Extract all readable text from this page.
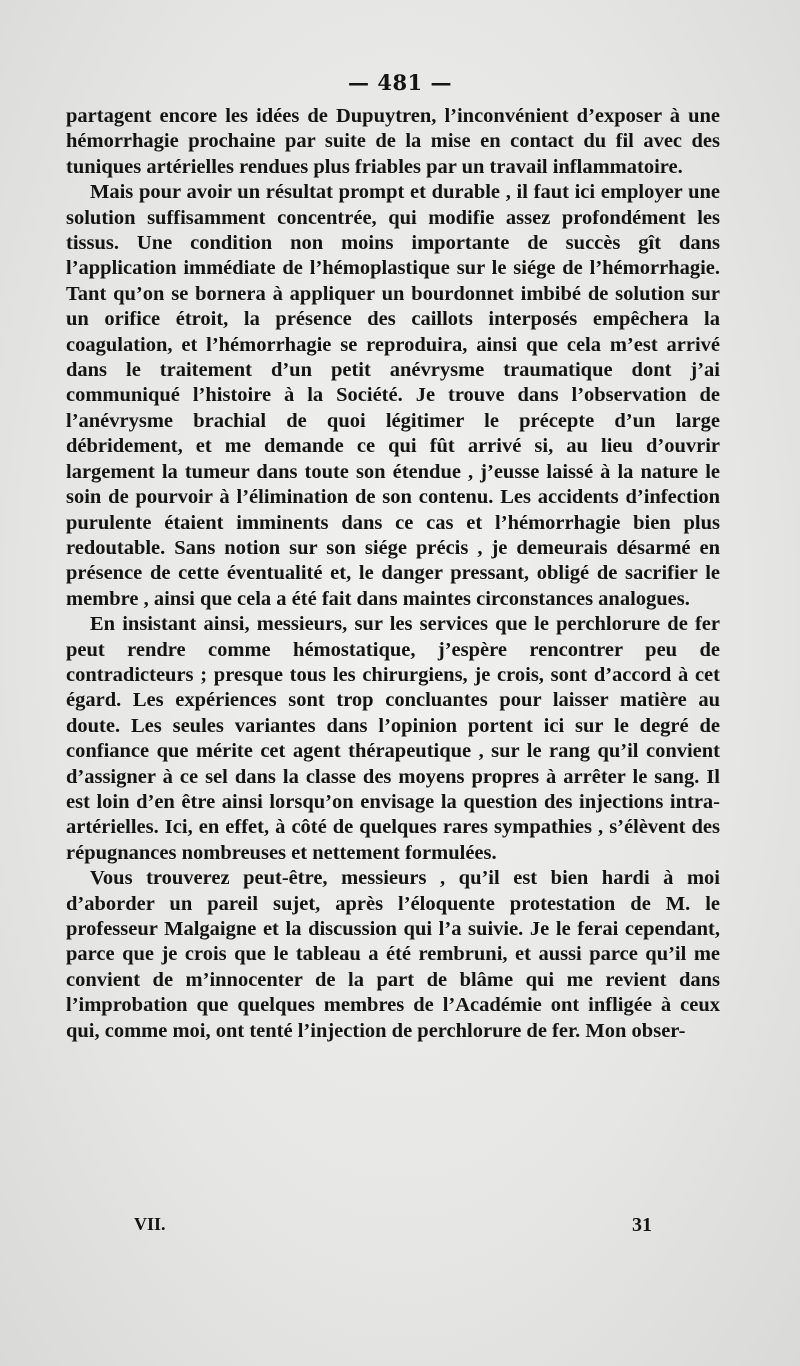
— 481 —

partagent encore les idées de Dupuytren, l’inconvénient d’exposer à une hémorrhagie prochaine par suite de la mise en contact du fil avec des tuniques artérielles rendues plus friables par un travail inflammatoire.

Mais pour avoir un résultat prompt et durable , il faut ici employer une solution suffisamment concentrée, qui modifie assez profondément les tissus. Une condition non moins importante de succès gît dans l’application immédiate de l’hémoplastique sur le siége de l’hémorrhagie. Tant qu’on se bornera à appliquer un bourdonnet imbibé de solution sur un orifice étroit, la présence des caillots interposés empêchera la coagulation, et l’hémorrhagie se reproduira, ainsi que cela m’est arrivé dans le traitement d’un petit anévrysme traumatique dont j’ai communiqué l’histoire à la Société. Je trouve dans l’observation de l’anévrysme brachial de quoi légitimer le précepte d’un large débridement, et me demande ce qui fût arrivé si, au lieu d’ouvrir largement la tumeur dans toute son étendue , j’eusse laissé à la nature le soin de pourvoir à l’élimination de son contenu. Les accidents d’infection purulente étaient imminents dans ce cas et l’hémorrhagie bien plus redoutable. Sans notion sur son siége précis , je demeurais désarmé en présence de cette éventualité et, le danger pressant, obligé de sacrifier le membre , ainsi que cela a été fait dans maintes circonstances analogues.

En insistant ainsi, messieurs, sur les services que le perchlorure de fer peut rendre comme hémostatique, j’espère rencontrer peu de contradicteurs ; presque tous les chirurgiens, je crois, sont d’accord à cet égard. Les expériences sont trop concluantes pour laisser matière au doute. Les seules variantes dans l’opinion portent ici sur le degré de confiance que mérite cet agent thérapeutique , sur le rang qu’il convient d’assigner à ce sel dans la classe des moyens propres à arrêter le sang. Il est loin d’en être ainsi lorsqu’on envisage la question des injections intra-artérielles. Ici, en effet, à côté de quelques rares sympathies , s’élèvent des répugnances nombreuses et nettement formulées.

Vous trouverez peut-être, messieurs , qu’il est bien hardi à moi d’aborder un pareil sujet, après l’éloquente protestation de M. le professeur Malgaigne et la discussion qui l’a suivie. Je le ferai cependant, parce que je crois que le tableau a été rembruni, et aussi parce qu’il me convient de m’innocenter de la part de blâme qui me revient dans l’improbation que quelques membres de l’Académie ont infligée à ceux qui, comme moi, ont tenté l’injection de perchlorure de fer. Mon obser-

VII.	31
